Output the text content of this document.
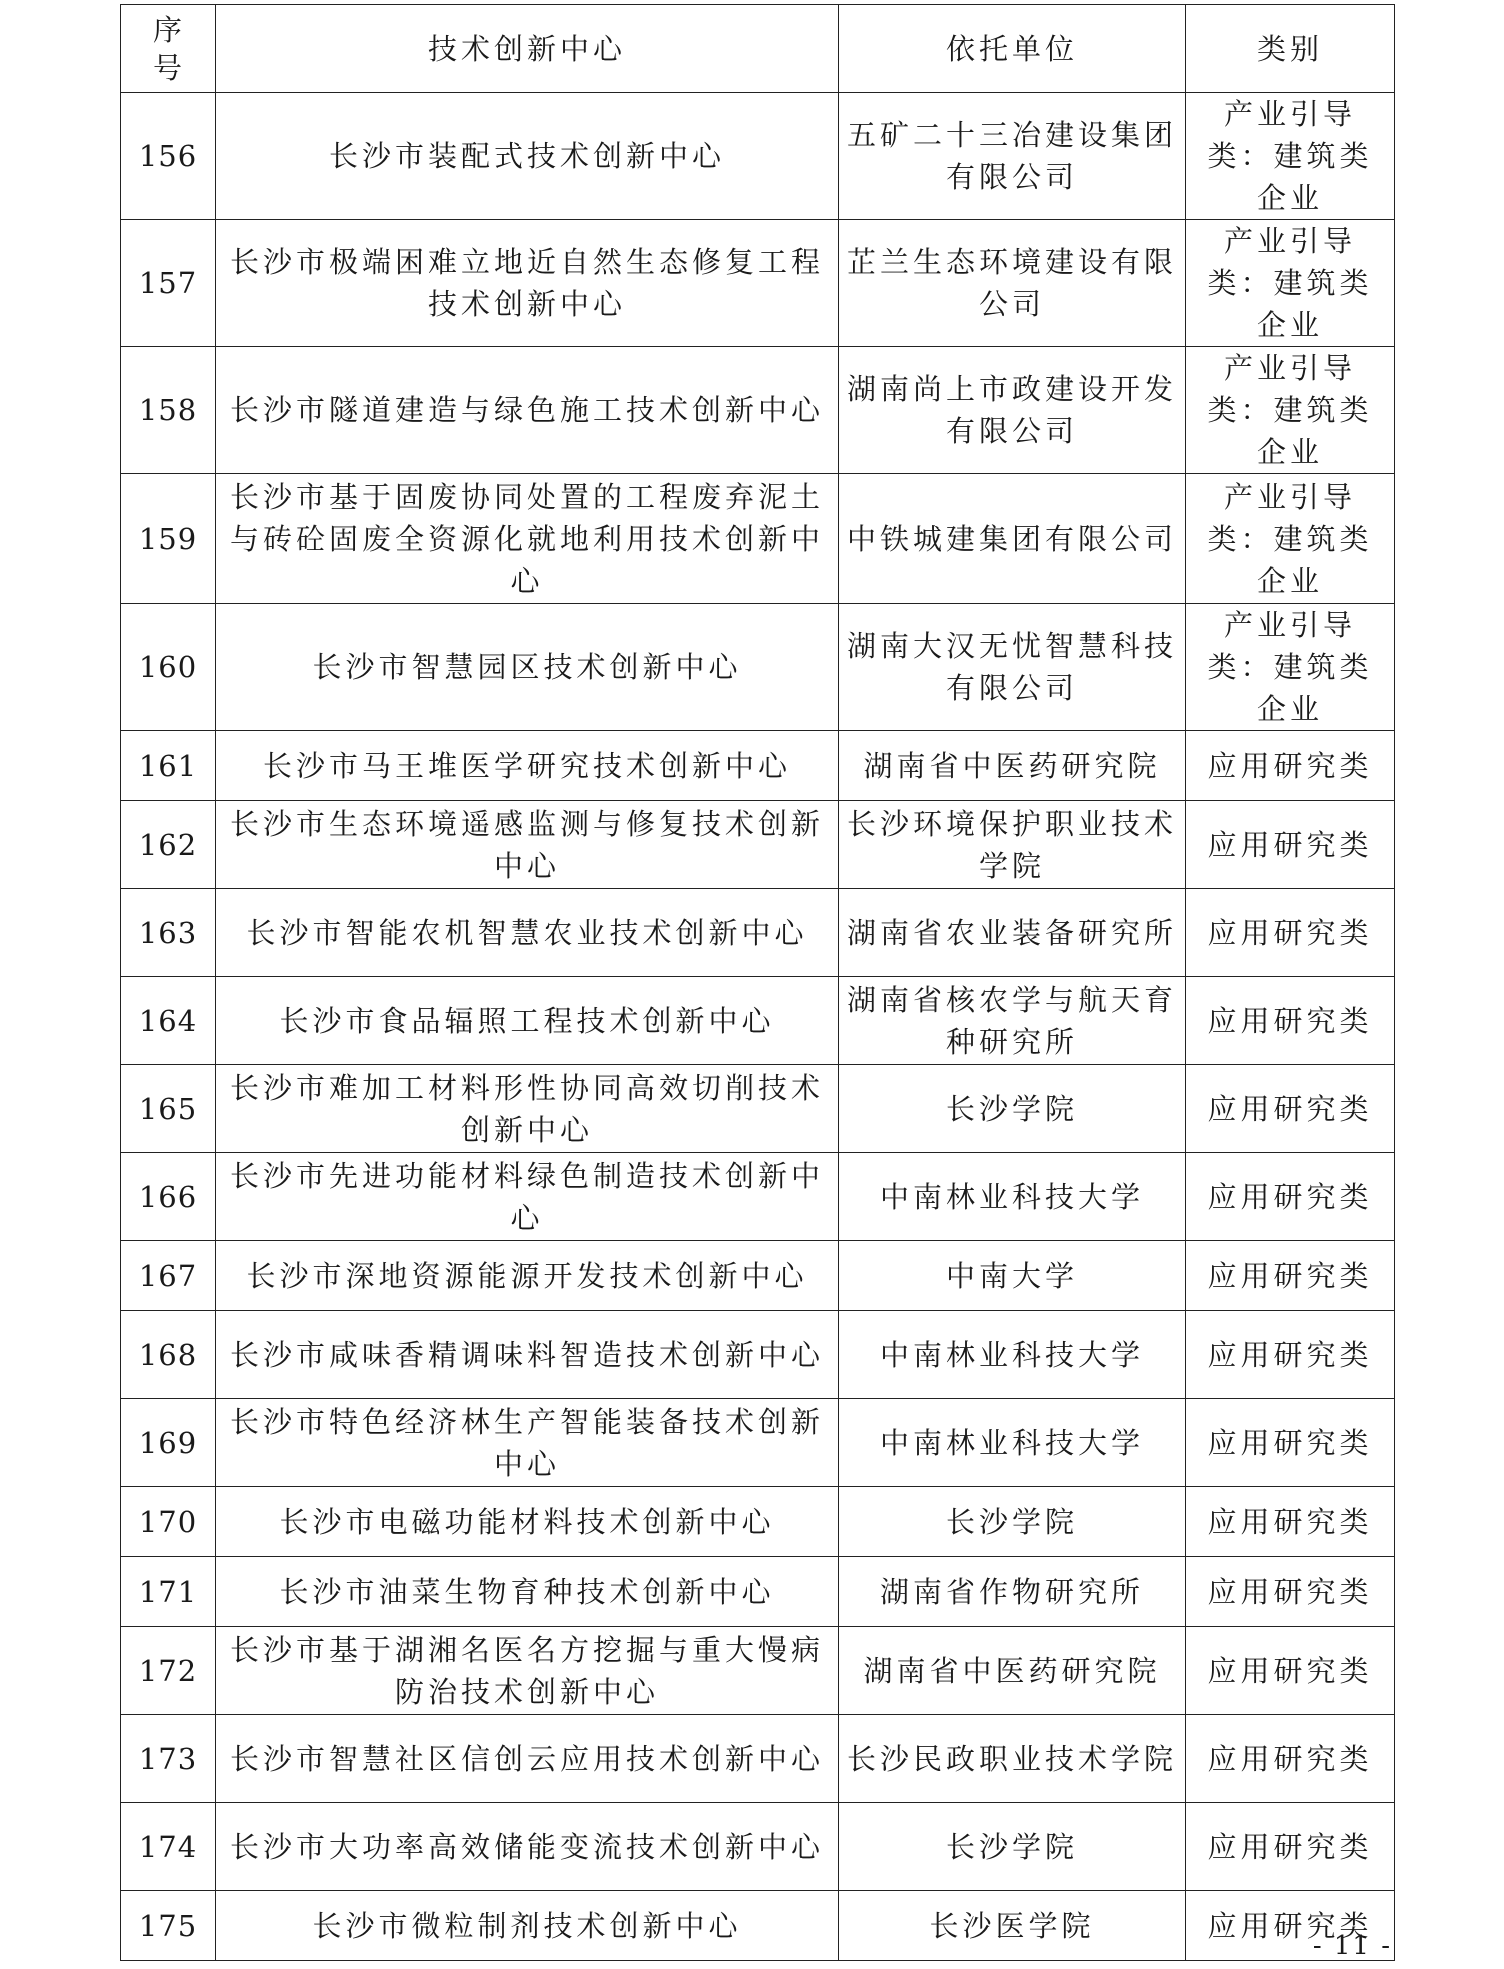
序号	技术创新中心	依托单位	类别
156	长沙市装配式技术创新中心	五矿二十三冶建设集团有限公司	产业引导类：建筑类企业
157	长沙市极端困难立地近自然生态修复工程技术创新中心	芷兰生态环境建设有限公司	产业引导类：建筑类企业
158	长沙市隧道建造与绿色施工技术创新中心	湖南尚上市政建设开发有限公司	产业引导类：建筑类企业
159	长沙市基于固废协同处置的工程废弃泥土与砖砼固废全资源化就地利用技术创新中心	中铁城建集团有限公司	产业引导类：建筑类企业
160	长沙市智慧园区技术创新中心	湖南大汉无忧智慧科技有限公司	产业引导类：建筑类企业
161	长沙市马王堆医学研究技术创新中心	湖南省中医药研究院	应用研究类
162	长沙市生态环境遥感监测与修复技术创新中心	长沙环境保护职业技术学院	应用研究类
163	长沙市智能农机智慧农业技术创新中心	湖南省农业装备研究所	应用研究类
164	长沙市食品辐照工程技术创新中心	湖南省核农学与航天育种研究所	应用研究类
165	长沙市难加工材料形性协同高效切削技术创新中心	长沙学院	应用研究类
166	长沙市先进功能材料绿色制造技术创新中心	中南林业科技大学	应用研究类
167	长沙市深地资源能源开发技术创新中心	中南大学	应用研究类
168	长沙市咸味香精调味料智造技术创新中心	中南林业科技大学	应用研究类
169	长沙市特色经济林生产智能装备技术创新中心	中南林业科技大学	应用研究类
170	长沙市电磁功能材料技术创新中心	长沙学院	应用研究类
171	长沙市油菜生物育种技术创新中心	湖南省作物研究所	应用研究类
172	长沙市基于湖湘名医名方挖掘与重大慢病防治技术创新中心	湖南省中医药研究院	应用研究类
173	长沙市智慧社区信创云应用技术创新中心	长沙民政职业技术学院	应用研究类
174	长沙市大功率高效储能变流技术创新中心	长沙学院	应用研究类
175	长沙市微粒制剂技术创新中心	长沙医学院	应用研究类
- 11 -
